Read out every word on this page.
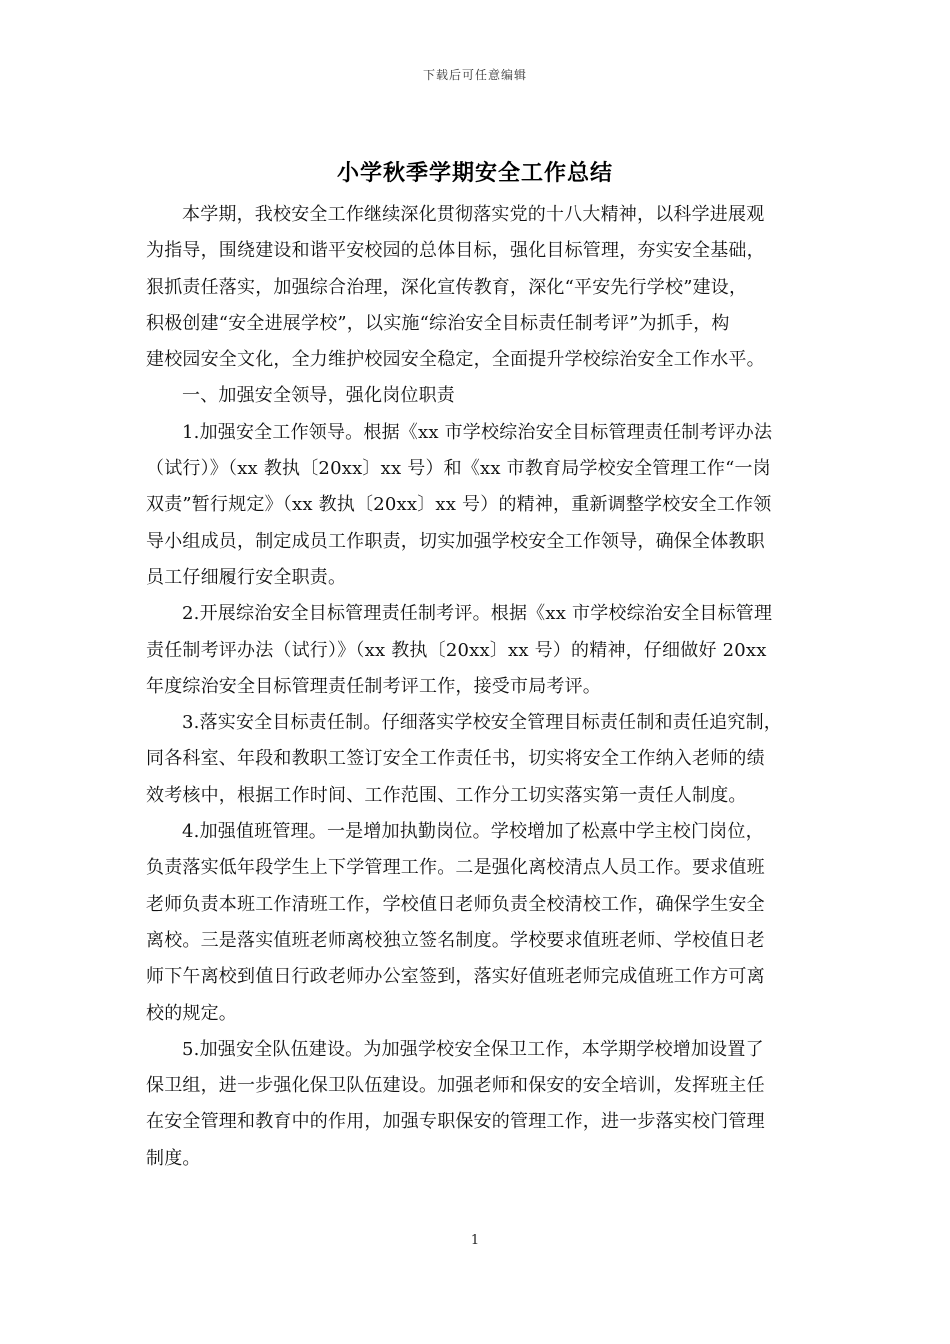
下载后可任意编辑
小学秋季学期安全工作总结

本学期，我校安全工作继续深化贯彻落实党的十八大精神，以科学进展观
为指导，围绕建设和谐平安校园的总体目标，强化目标管理，夯实安全基础，
狠抓责任落实，加强综合治理，深化宣传教育，深化“平安先行学校”建设，
积极创建“安全进展学校”，以实施“综治安全目标责任制考评”为抓手，构
建校园安全文化，全力维护校园安全稳定，全面提升学校综治安全工作水平。

一、加强安全领导，强化岗位职责

1.加强安全工作领导。根据《xx 市学校综治安全目标管理责任制考评办法
（试行）》（xx 教执〔20xx〕xx 号）和《xx 市教育局学校安全管理工作“一岗
双责”暂行规定》（xx 教执〔20xx〕xx 号）的精神，重新调整学校安全工作领
导小组成员，制定成员工作职责，切实加强学校安全工作领导，确保全体教职
员工仔细履行安全职责。

2.开展综治安全目标管理责任制考评。根据《xx 市学校综治安全目标管理
责任制考评办法（试行）》（xx 教执〔20xx〕xx 号）的精神，仔细做好 20xx
年度综治安全目标管理责任制考评工作，接受市局考评。

3.落实安全目标责任制。仔细落实学校安全管理目标责任制和责任追究制，
同各科室、年段和教职工签订安全工作责任书，切实将安全工作纳入老师的绩
效考核中，根据工作时间、工作范围、工作分工切实落实第一责任人制度。

4.加强值班管理。一是增加执勤岗位。学校增加了松熹中学主校门岗位，
负责落实低年段学生上下学管理工作。二是强化离校清点人员工作。要求值班
老师负责本班工作清班工作，学校值日老师负责全校清校工作，确保学生安全
离校。三是落实值班老师离校独立签名制度。学校要求值班老师、学校值日老
师下午离校到值日行政老师办公室签到，落实好值班老师完成值班工作方可离
校的规定。

5.加强安全队伍建设。为加强学校安全保卫工作，本学期学校增加设置了
保卫组，进一步强化保卫队伍建设。加强老师和保安的安全培训，发挥班主任
在安全管理和教育中的作用，加强专职保安的管理工作，进一步落实校门管理
制度。

1
